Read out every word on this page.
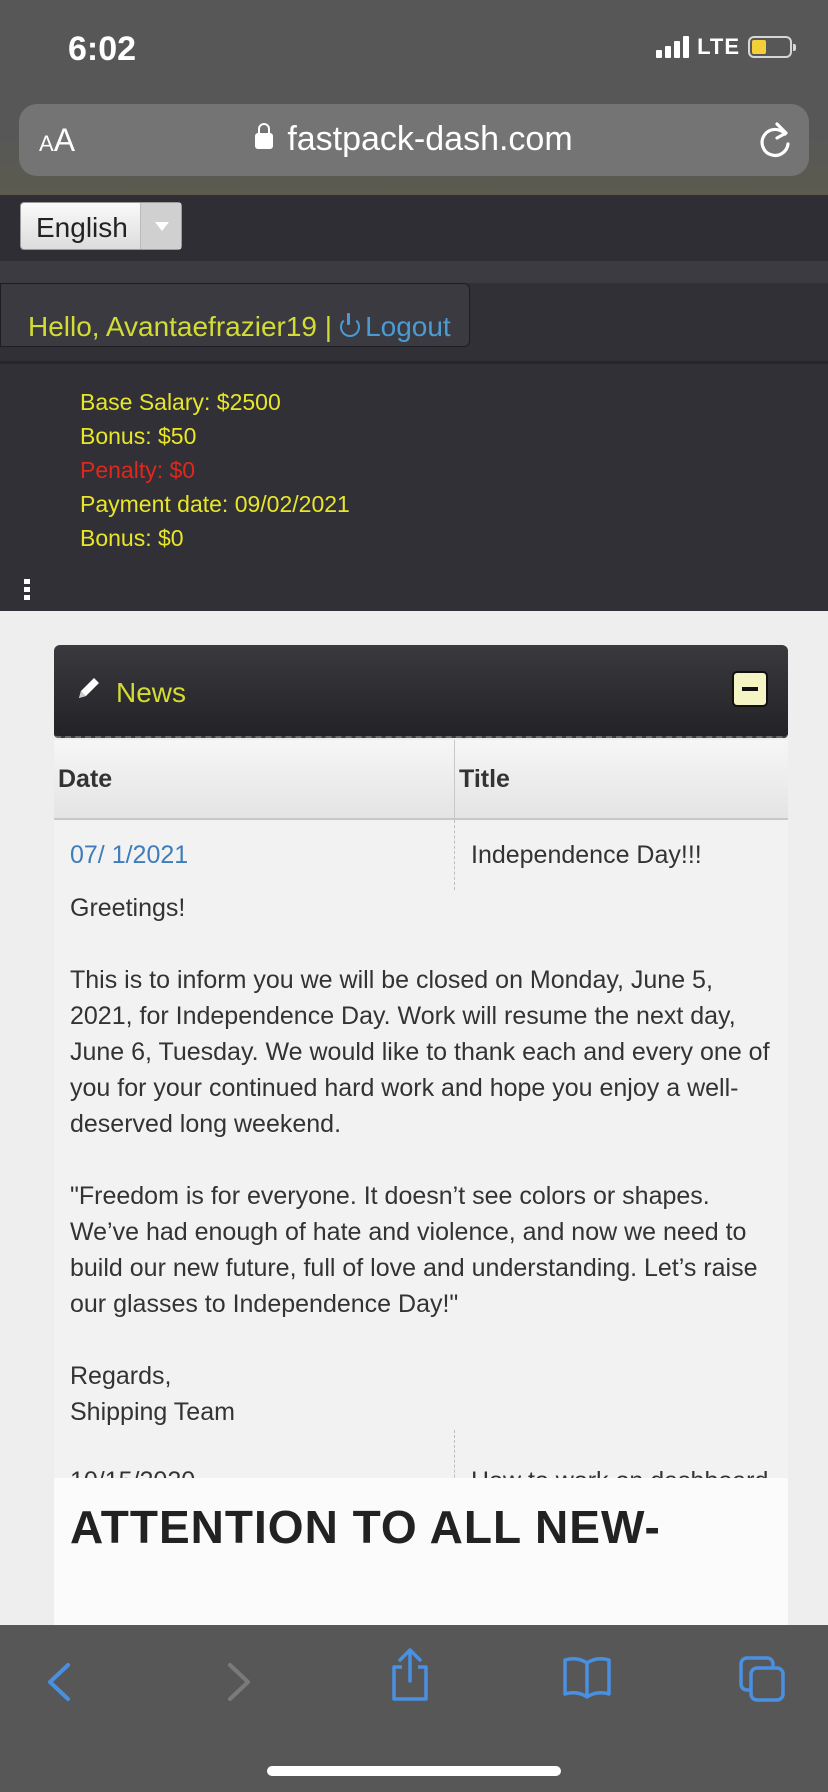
6:02	LTE
AA	fastpack-dash.com
English
Hello, Avantaefrazier19 | Logout
Base Salary: $2500
Bonus: $50
Penalty: $0
Payment date: 09/02/2021
Bonus: $0
News
Date	Title
07/ 1/2021	Independence Day!!!

Greetings!

This is to inform you we will be closed on Monday, June 5, 2021, for Independence Day. Work will resume the next day, June 6, Tuesday. We would like to thank each and every one of you for your continued hard work and hope you enjoy a well-deserved long weekend.

"Freedom is for everyone. It doesn’t see colors or shapes. We’ve had enough of hate and violence, and now we need to build our new future, full of love and understanding. Let’s raise our glasses to Independence Day!"

Regards,
Shipping Team	

ATTENTION TO ALL NEW-
